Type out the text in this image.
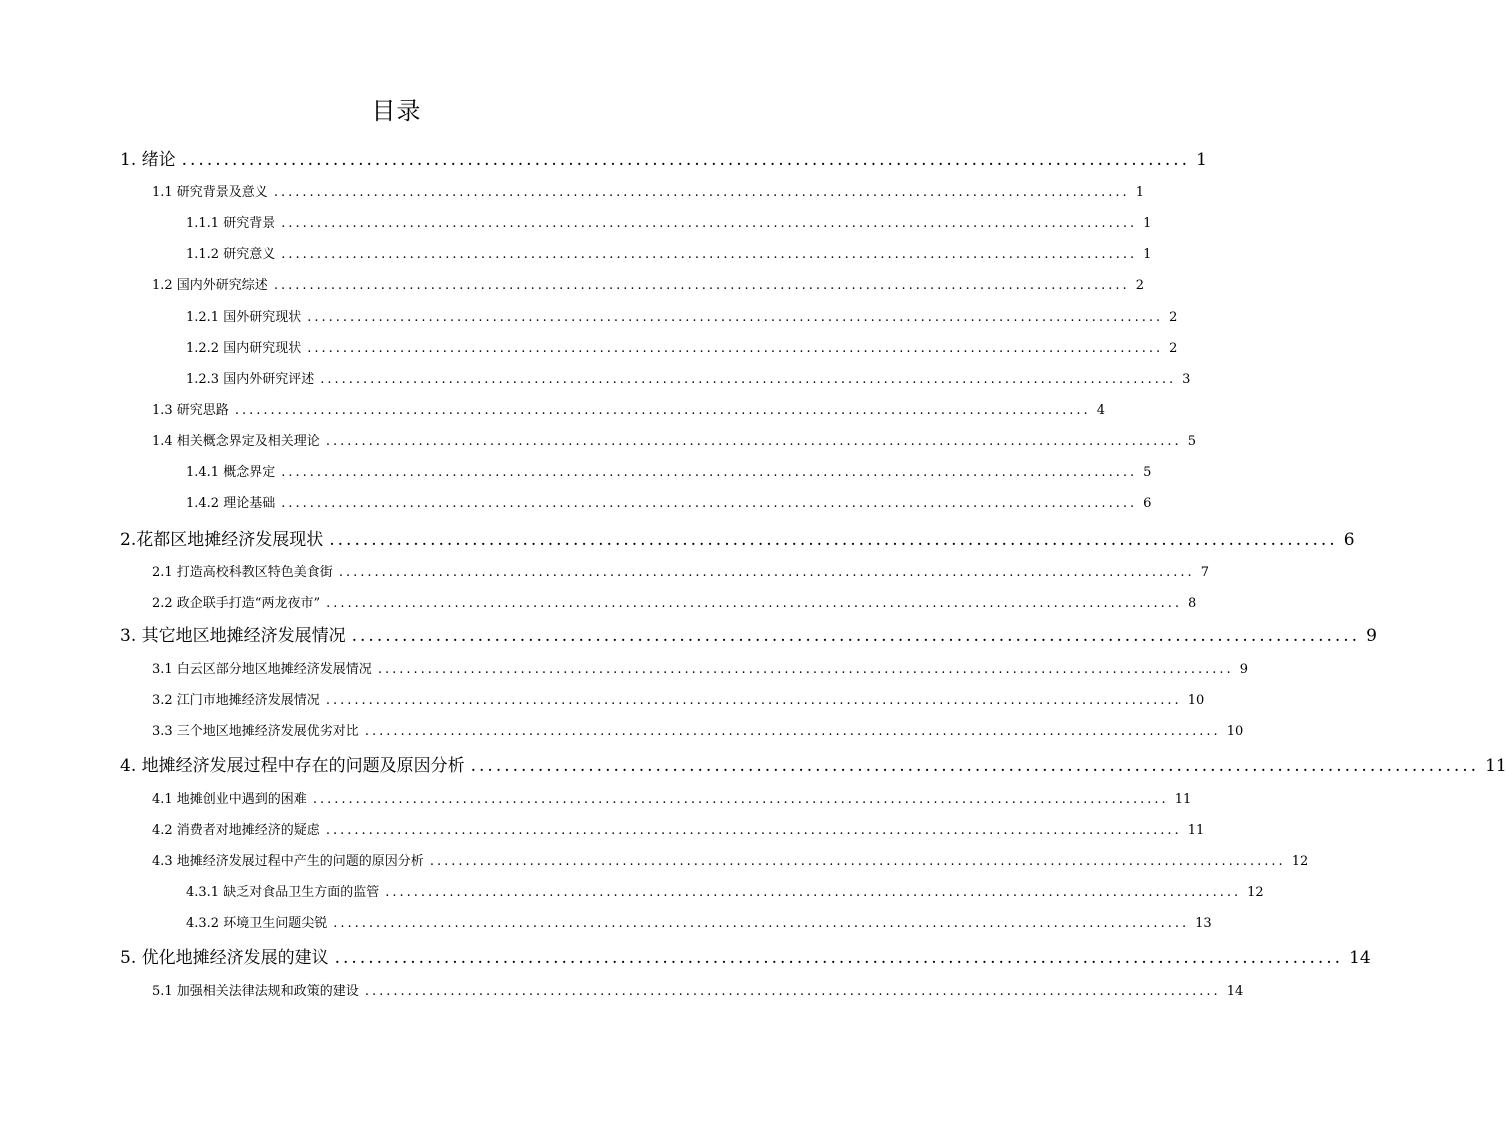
目录
1. 绪论 ........................................................................................................................ 1
1.1 研究背景及意义 ........................................................................................................................ 1
1.1.1 研究背景 ........................................................................................................................ 1
1.1.2 研究意义 ........................................................................................................................ 1
1.2 国内外研究综述 ........................................................................................................................ 2
1.2.1 国外研究现状 ........................................................................................................................ 2
1.2.2 国内研究现状 ........................................................................................................................ 2
1.2.3 国内外研究评述 ........................................................................................................................ 3
1.3 研究思路 ........................................................................................................................ 4
1.4 相关概念界定及相关理论 ........................................................................................................................ 5
1.4.1 概念界定 ........................................................................................................................ 5
1.4.2 理论基础 ........................................................................................................................ 6
2.花都区地摊经济发展现状 ........................................................................................................................ 6
2.1 打造高校科教区特色美食街 ........................................................................................................................ 7
2.2 政企联手打造“两龙夜市” ........................................................................................................................ 8
3. 其它地区地摊经济发展情况 ........................................................................................................................ 9
3.1 白云区部分地区地摊经济发展情况 ........................................................................................................................ 9
3.2 江门市地摊经济发展情况 ........................................................................................................................ 10
3.3 三个地区地摊经济发展优劣对比 ........................................................................................................................ 10
4. 地摊经济发展过程中存在的问题及原因分析 ........................................................................................................................ 11
4.1 地摊创业中遇到的困难 ........................................................................................................................ 11
4.2 消费者对地摊经济的疑虑 ........................................................................................................................ 11
4.3 地摊经济发展过程中产生的问题的原因分析 ........................................................................................................................ 12
4.3.1 缺乏对食品卫生方面的监管 ........................................................................................................................ 12
4.3.2 环境卫生问题尖锐 ........................................................................................................................ 13
5. 优化地摊经济发展的建议 ........................................................................................................................ 14
5.1 加强相关法律法规和政策的建设 ........................................................................................................................ 14
